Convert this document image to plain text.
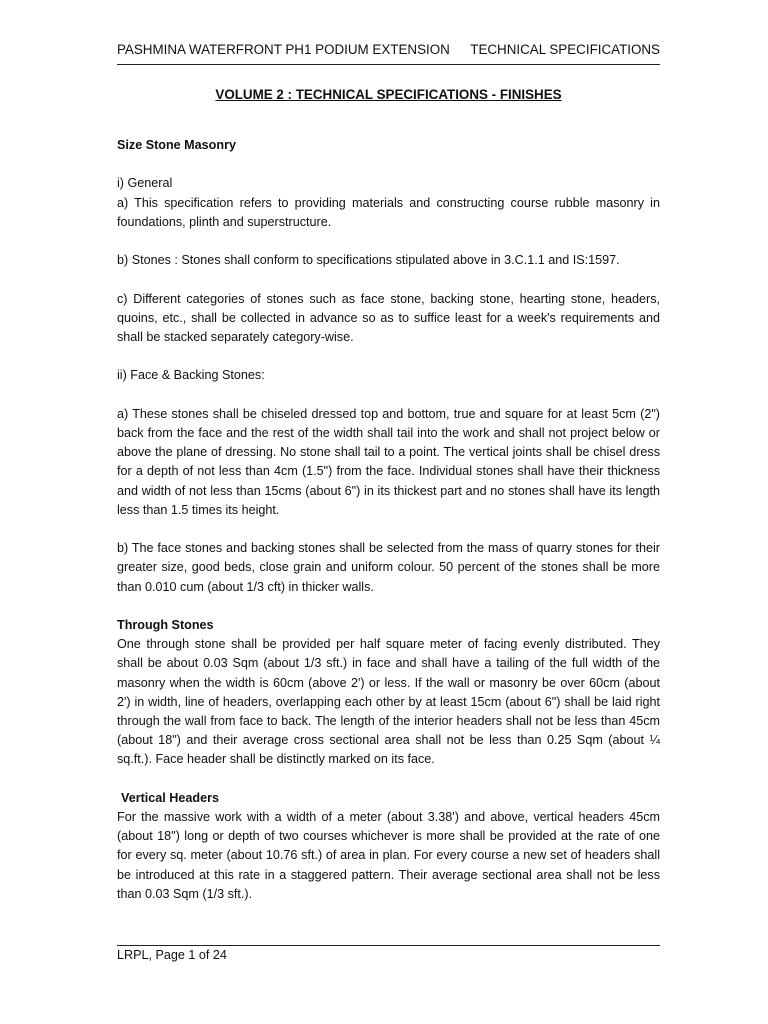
PASHMINA WATERFRONT PH1 PODIUM EXTENSION TECHNICAL SPECIFICATIONS
VOLUME 2 : TECHNICAL SPECIFICATIONS - FINISHES

Size Stone Masonry

i) General

a) This specification refers to providing materials and constructing course rubble masonry in foundations, plinth and superstructure.

b) Stones : Stones shall conform to specifications stipulated above in 3.C.1.1 and IS:1597.

c) Different categories of stones such as face stone, backing stone, hearting stone, headers, quoins, etc., shall be collected in advance so as to suffice least for a week's requirements and shall be stacked separately category-wise.

ii) Face & Backing Stones:

a) These stones shall be chiseled dressed top and bottom, true and square for at least 5cm (2") back from the face and the rest of the width shall tail into the work and shall not project below or above the plane of dressing. No stone shall tail to a point. The vertical joints shall be chisel dress for a depth of not less than 4cm (1.5") from the face. Individual stones shall have their thickness and width of not less than 15cms (about 6") in its thickest part and no stones shall have its length less than 1.5 times its height.

b) The face stones and backing stones shall be selected from the mass of quarry stones for their greater size, good beds, close grain and uniform colour. 50 percent of the stones shall be more than 0.010 cum (about 1/3 cft) in thicker walls.

Through Stones

One through stone shall be provided per half square meter of facing evenly distributed. They shall be about 0.03 Sqm (about 1/3 sft.) in face and shall have a tailing of the full width of the masonry when the width is 60cm (above 2') or less. If the wall or masonry be over 60cm (about 2') in width, line of headers, overlapping each other by at least 15cm (about 6") shall be laid right through the wall from face to back. The length of the interior headers shall not be less than 45cm (about 18") and their average cross sectional area shall not be less than 0.25 Sqm (about ¼ sq.ft.). Face header shall be distinctly marked on its face.

Vertical Headers

For the massive work with a width of a meter (about 3.38') and above, vertical headers 45cm (about 18") long or depth of two courses whichever is more shall be provided at the rate of one for every sq. meter (about 10.76 sft.) of area in plan. For every course a new set of headers shall be introduced at this rate in a staggered pattern. Their average sectional area shall not be less than 0.03 Sqm (1/3 sft.).

LRPL, Page 1 of 24
